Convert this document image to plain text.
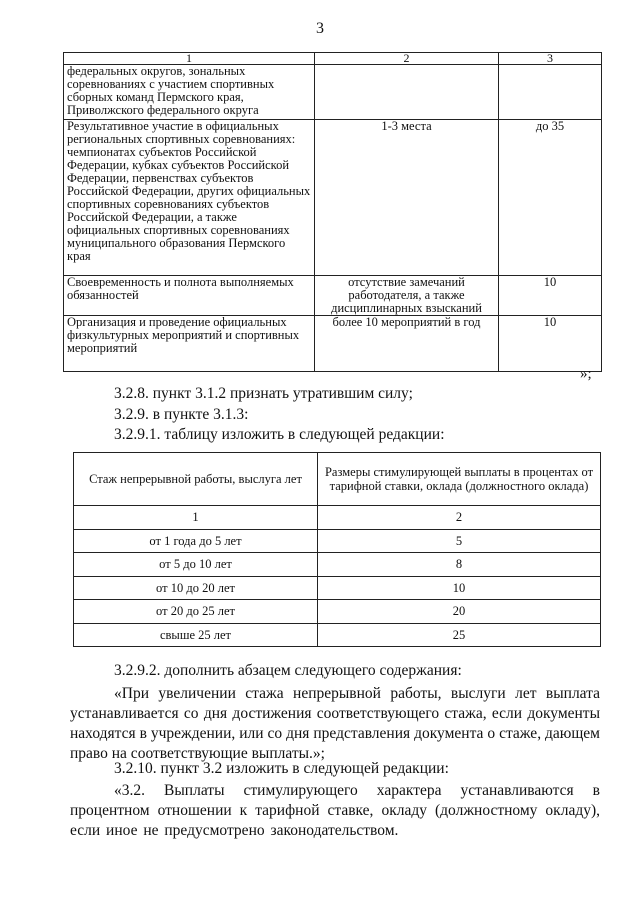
3
1	2	3
федеральных округов, зональных соревнованиях с участием спортивных сборных команд Пермского края, Приволжского федерального округа		
Результативное участие в официальных региональных спортивных соревнованиях: чемпионатах субъектов Российской Федерации, кубках субъектов Российской Федерации, первенствах субъектов Российской Федерации, других официальных спортивных соревнованиях субъектов Российской Федерации, а также официальных спортивных соревнованиях муниципального образования Пермского края	1-3 места	до 35
Своевременность и полнота выполняемых обязанностей	отсутствие замечаний работодателя, а также дисциплинарных взысканий	10
Организация и проведение официальных физкультурных мероприятий и спортивных мероприятий	более 10 мероприятий в год	10
»;
3.2.8. пункт 3.1.2 признать утратившим силу;
3.2.9. в пункте 3.1.3:
3.2.9.1. таблицу изложить в следующей редакции:
Стаж непрерывной работы, выслуга лет	Размеры стимулирующей выплаты в процентах от тарифной ставки, оклада (должностного оклада)
1	2
от 1 года до 5 лет	5
от 5 до 10 лет	8
от 10 до 20 лет	10
от 20 до 25 лет	20
свыше 25 лет	25
3.2.9.2. дополнить абзацем следующего содержания:
«При увеличении стажа непрерывной работы, выслуги лет выплата устанавливается со дня достижения соответствующего стажа, если документы находятся в учреждении, или со дня представления документа о стаже, дающем право на соответствующие выплаты.»;
3.2.10. пункт 3.2 изложить в следующей редакции:
«3.2. Выплаты стимулирующего характера устанавливаются в процентном отношении к тарифной ставке, окладу (должностному окладу), если иное не предусмотрено законодательством.
